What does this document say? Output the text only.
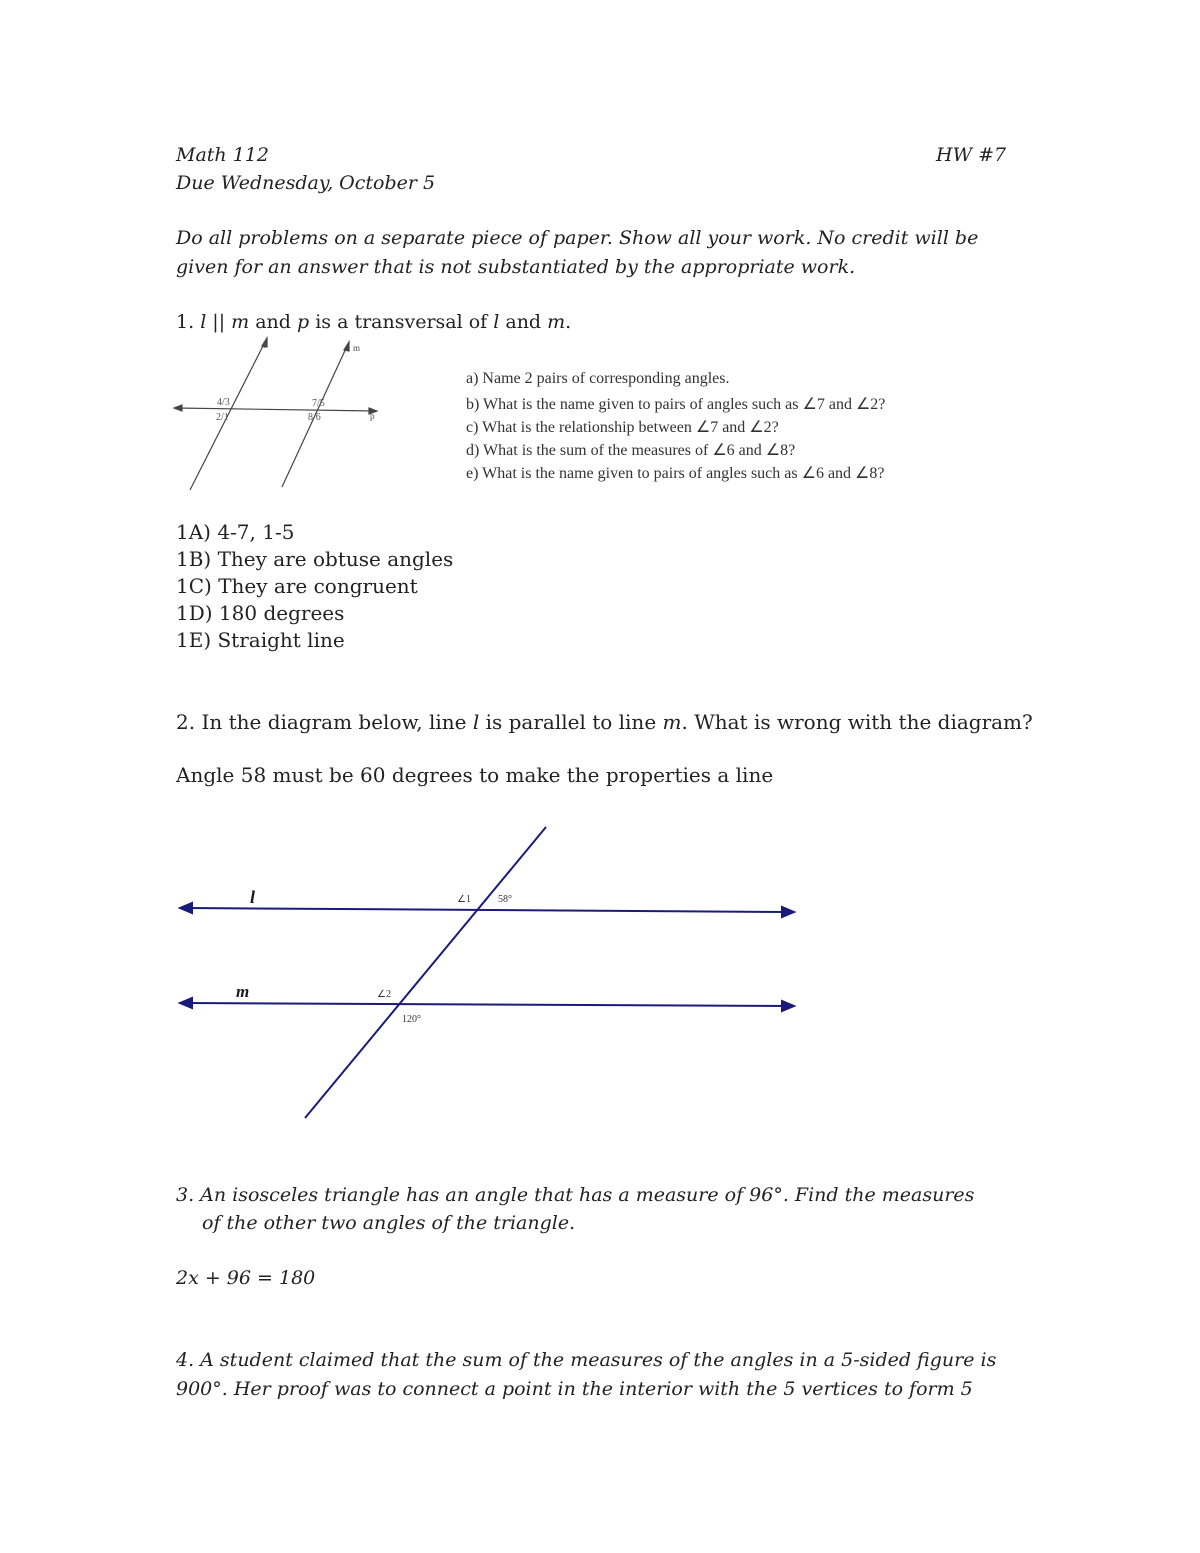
Math 112	HW #7
Due Wednesday, October 5
Do all problems on a separate piece of paper. Show all your work. No credit will be
given for an answer that is not substantiated by the appropriate work.
1. l || m and p is a transversal of l and m.
l	m
p
4/3
2/1
7/5
8/6
a) Name 2 pairs of corresponding angles.
b) What is the name given to pairs of angles such as ∠7 and ∠2?
c) What is the relationship between ∠7 and ∠2?
d) What is the sum of the measures of ∠6 and ∠8?
e) What is the name given to pairs of angles such as ∠6 and ∠8?
1A) 4-7, 1-5
1B) They are obtuse angles
1C) They are congruent
1D) 180 degrees
1E) Straight line
2. In the diagram below, line l is parallel to line m. What is wrong with the diagram?
Angle 58 must be 60 degrees to make the properties a line
l
m
∠1	58°
∠2
120°
3. An isosceles triangle has an angle that has a measure of 96°. Find the measures
of the other two angles of the triangle.
2x + 96 = 180
4. A student claimed that the sum of the measures of the angles in a 5-sided figure is
900°. Her proof was to connect a point in the interior with the 5 vertices to form 5
